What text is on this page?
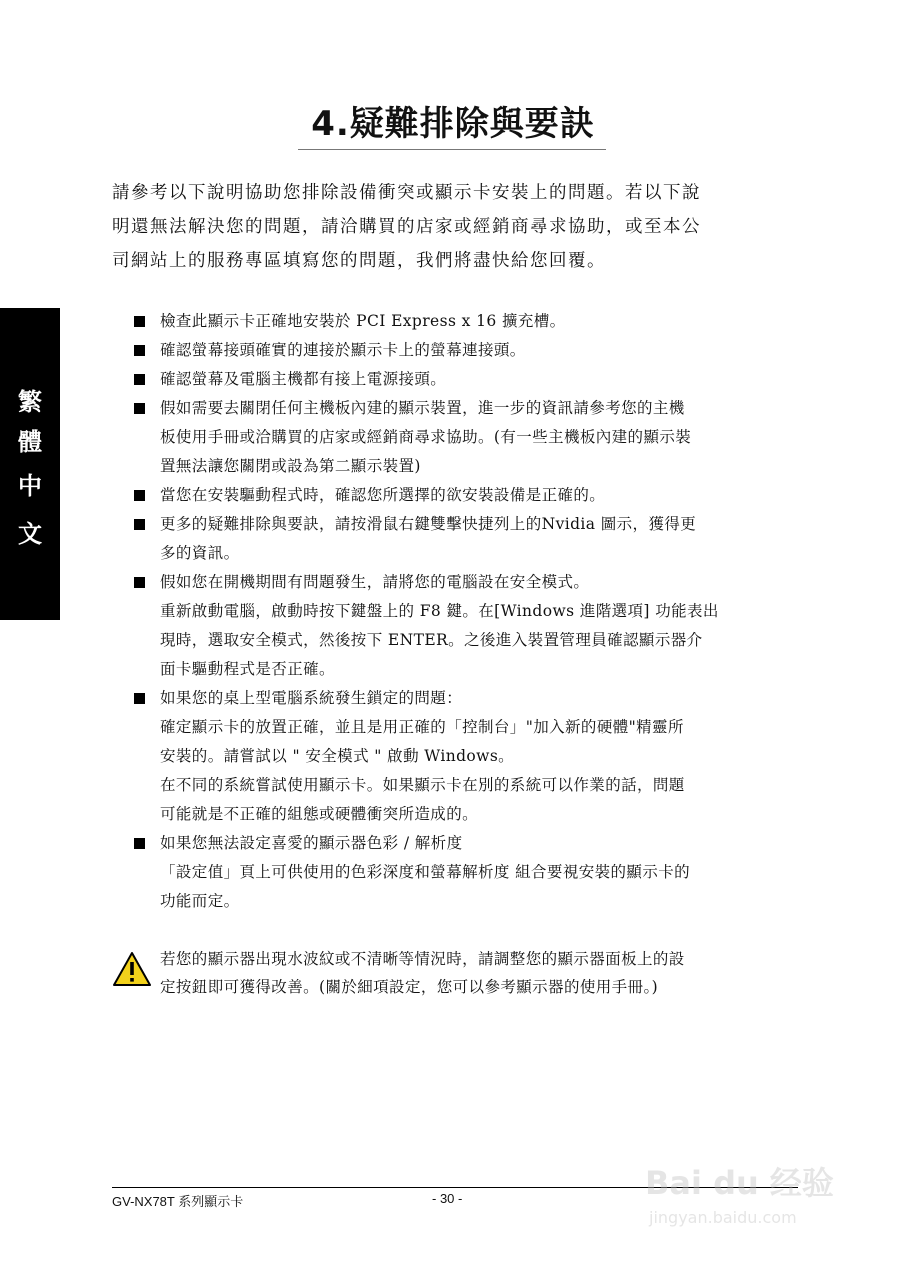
4.疑難排除與要訣
繁
體
中
文

請參考以下說明協助您排除設備衝突或顯示卡安裝上的問題。若以下說

明還無法解決您的問題，請洽購買的店家或經銷商尋求協助，或至本公

司網站上的服務專區填寫您的問題，我們將盡快給您回覆。

檢查此顯示卡正確地安裝於 PCI Express x 16 擴充槽。

確認螢幕接頭確實的連接於顯示卡上的螢幕連接頭。

確認螢幕及電腦主機都有接上電源接頭。

假如需要去關閉任何主機板內建的顯示裝置，進一步的資訊請參考您的主機

板使用手冊或洽購買的店家或經銷商尋求協助。(有一些主機板內建的顯示裝

置無法讓您關閉或設為第二顯示裝置)

當您在安裝驅動程式時，確認您所選擇的欲安裝設備是正確的。

更多的疑難排除與要訣，請按滑鼠右鍵雙擊快捷列上的Nvidia 圖示，獲得更

多的資訊。

假如您在開機期間有問題發生，請將您的電腦設在安全模式。

重新啟動電腦，啟動時按下鍵盤上的 F8 鍵。在[Windows 進階選項] 功能表出

現時，選取安全模式，然後按下 ENTER。之後進入裝置管理員確認顯示器介

面卡驅動程式是否正確。

如果您的桌上型電腦系統發生鎖定的問題：

確定顯示卡的放置正確，並且是用正確的「控制台」"加入新的硬體"精靈所

安裝的。請嘗試以 " 安全模式 " 啟動 Windows。

在不同的系統嘗試使用顯示卡。如果顯示卡在別的系統可以作業的話，問題

可能就是不正確的組態或硬體衝突所造成的。

如果您無法設定喜愛的顯示器色彩 / 解析度

「設定值」頁上可供使用的色彩深度和螢幕解析度 組合要視安裝的顯示卡的

功能而定。

若您的顯示器出現水波紋或不清晰等情況時，請調整您的顯示器面板上的設

定按鈕即可獲得改善。(關於細項設定，您可以參考顯示器的使用手冊。)

GV-NX78T 系列顯示卡	- 30 -	Bai du 经验
jingyan.baidu.com
